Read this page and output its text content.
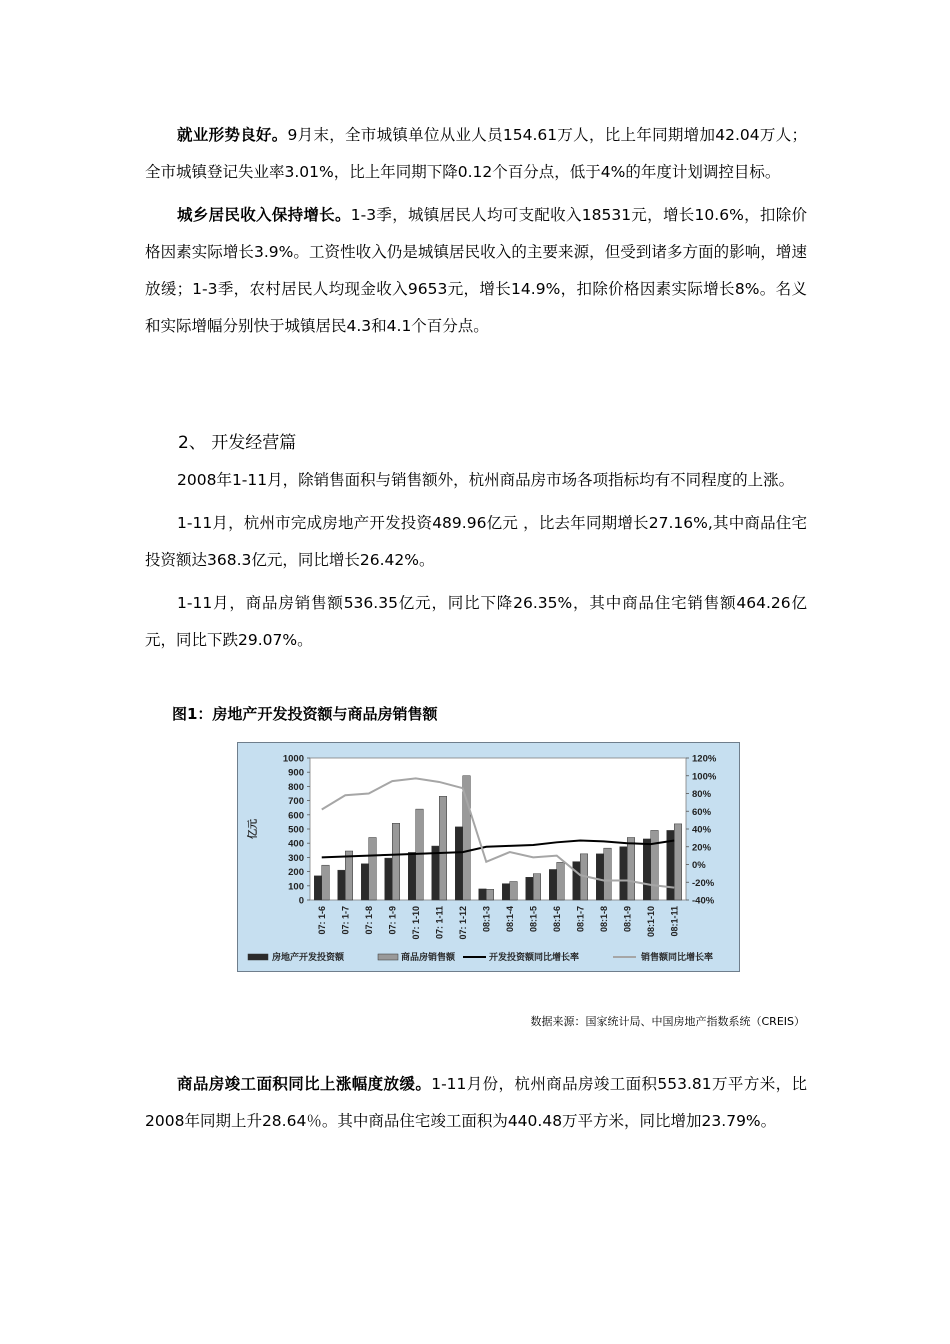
就业形势良好。9月末，全市城镇单位从业人员154.61万人，比上年同期增加42.04万人；全市城镇登记失业率3.01%，比上年同期下降0.12个百分点，低于4%的年度计划调控目标。

城乡居民收入保持增长。1-3季，城镇居民人均可支配收入18531元，增长10.6%，扣除价格因素实际增长3.9%。工资性收入仍是城镇居民收入的主要来源，但受到诸多方面的影响，增速放缓；1-3季，农村居民人均现金收入9653元，增长14.9%，扣除价格因素实际增长8%。名义和实际增幅分别快于城镇居民4.3和4.1个百分点。

2、 开发经营篇

2008年1-11月，除销售面积与销售额外，杭州商品房市场各项指标均有不同程度的上涨。

1-11月，杭州市完成房地产开发投资489.96亿元 ，比去年同期增长27.16%,其中商品住宅投资额达368.3亿元，同比增长26.42%。

1-11月，商品房销售额536.35亿元，同比下降26.35%，其中商品住宅销售额464.26亿元，同比下跌29.07%。

图1：房地产开发投资额与商品房销售额
1000
900
800
700
600
500
400
300
200
100
0
120%
100%
80%
60%
40%
20%
0%
-20%
-40%
亿元
07: 1-6 07: 1-7 07: 1-8 07: 1-9 07: 1-10 07: 1-11 07: 1-12 08:1-3 08:1-4 08:1-5 08:1-6 08:1-7 08:1-8 08:1-9 08:1-10 08:1-11
房地产开发投资额	商品房销售额	开发投资额同比增长率	销售额同比增长率
数据来源：国家统计局、中国房地产指数系统（CREIS）

商品房竣工面积同比上涨幅度放缓。1-11月份，杭州商品房竣工面积553.81万平方米，比2008年同期上升28.64％。其中商品住宅竣工面积为440.48万平方米，同比增加23.79%。
